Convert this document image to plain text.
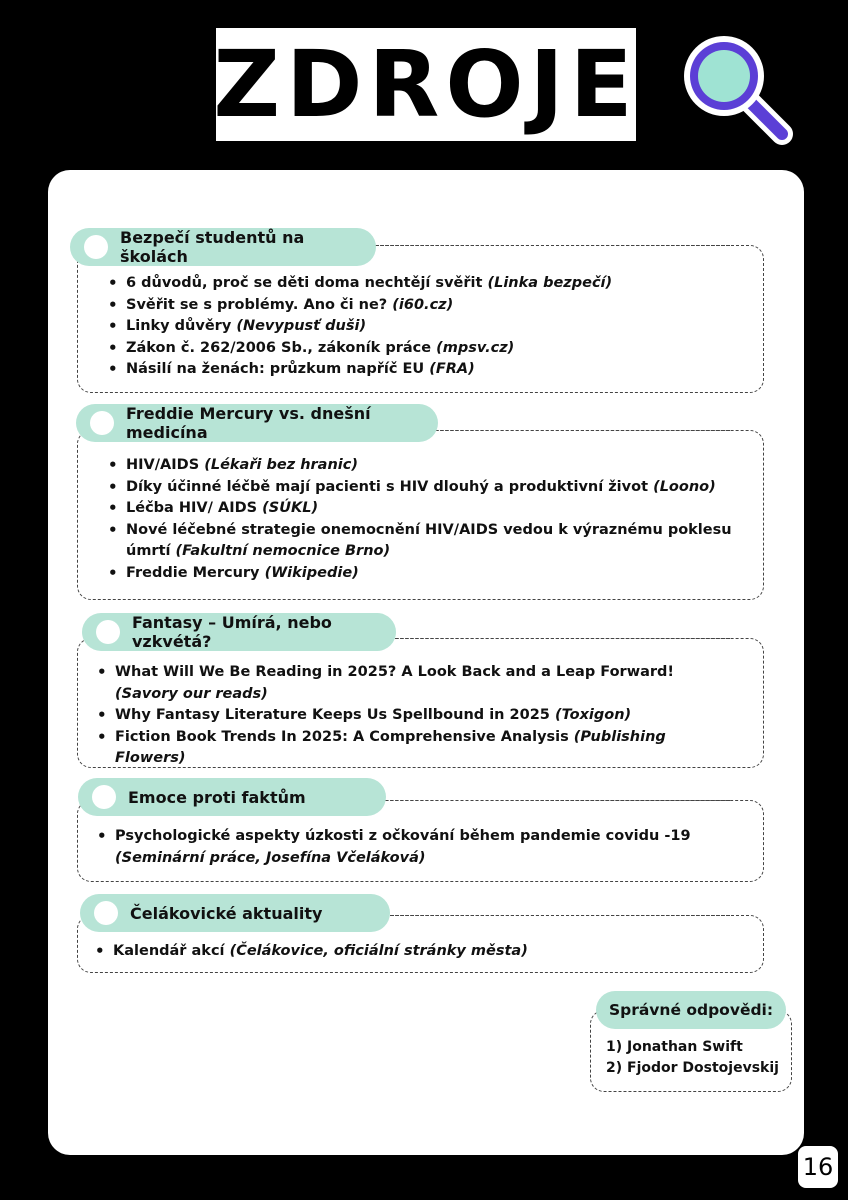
ZDROJE
Bezpečí studentů na školách
• 6 důvodů, proč se děti doma nechtějí svěřit (Linka bezpečí)
• Svěřit se s problémy. Ano či ne? (i60.cz)
• Linky důvěry (Nevypusť duši)
• Zákon č. 262/2006 Sb., zákoník práce (mpsv.cz)
• Násilí na ženách: průzkum napříč EU (FRA)
Freddie Mercury vs. dnešní medicína
• HIV/AIDS (Lékaři bez hranic)
• Díky účinné léčbě mají pacienti s HIV dlouhý a produktivní život (Loono)
• Léčba HIV/ AIDS (SÚKL)
• Nové léčebné strategie onemocnění HIV/AIDS vedou k výraznému poklesu úmrtí (Fakultní nemocnice Brno)
• Freddie Mercury (Wikipedie)
Fantasy – Umírá, nebo vzkvétá?
• What Will We Be Reading in 2025? A Look Back and a Leap Forward! (Savory our reads)
• Why Fantasy Literature Keeps Us Spellbound in 2025 (Toxigon)
• Fiction Book Trends In 2025: A Comprehensive Analysis (Publishing Flowers)
Emoce proti faktům
• Psychologické aspekty úzkosti z očkování během pandemie covidu -19 (Seminární práce, Josefína Včeláková)
Čelákovické aktuality
• Kalendář akcí (Čelákovice, oficiální stránky města)
Správné odpovědi:
1) Jonathan Swift
2) Fjodor Dostojevskij
16
